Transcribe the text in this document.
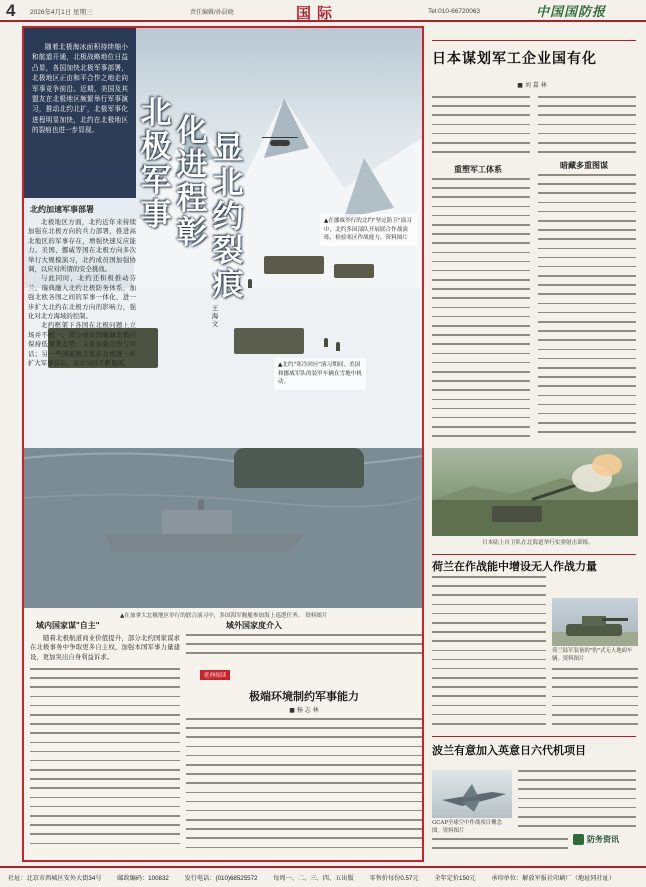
4 2026年4月1日 星期三	责任编辑/孙晨晓	国际	Tel:010-66720063	中国国防报

随着北极海冰面积持续缩小和航道开通，北极战略地位日益凸显，各国加快北极军事部署，北极地区正由和平合作之地走向军事竞争前沿。近期，美国及其盟友在北极地区频繁举行军事演习，推动北约北扩，北极军事化进程明显加快，北约在北极地区的裂痕也进一步显现。	北极军事
化进程彰
显北约裂痕
王海文
▲在挪威举行的北约"坚定防卫"演习中，北约多国部队开展联合作战演练，检验寒区作战能力。资料图片
▲北约"寒冷回应"演习期间，美国和挪威军队的装甲车辆在雪地中机动。
北约加速军事部署

北极地区方面，北约近年来持续加强在北极方向的兵力部署，推进高北地区的军事存在，增强快速反应能力。美国、挪威等国在北极方向多次举行大规模演习，北约成员国加强协调，以应对所谓的安全挑战。

与此同时，北约还积极推动芬兰、瑞典融入北约北极防务体系，加强北欧各国之间的军事一体化，进一步扩大北约在北极方向的影响力，强化对北方海域的控制。

北约框架下各国在北极问题上立场并不统一。部分成员国强调北极应保持低紧张态势，主张加强合作与对话；另一些国家则主张在北极进一步扩大军事存在，双方分歧不断显现。

▲在加拿大北极地区举行的联合演习中，多国海军舰艇参加海上巡逻任务。 资料图片
域内国家谋"自主"

随着北极航道商业价值提升，部分北约国家谋求在北极事务中争取更多自主权，加强本国军事力量建设，更加突出自身利益诉求。

域外国家度介入
延伸阅读
极端环境制约军事能力
■ 杨 志 林
日本谋划军工企业国有化
■ 刘 嘉 林
重塑军工体系	暗藏多重图谋
日本陆上自卫队在北海道举行实弹射击训练。
荷兰在作战能中增设无人作战力量
荷兰陆军装备的"豹"式无人地面车辆。资料图片
波兰有意加入英意日六代机项目
GCAP全球空中作战项目概念图。资料图片
防务资讯
社址：北京市西城区安外大街34号	邮政编码：100832	发行电话：(010)68525572	每周一、二、三、四、五出版	零售价每份0.57元	全年定价150元	承印单位：解放军报社印刷厂（地址同社址）
